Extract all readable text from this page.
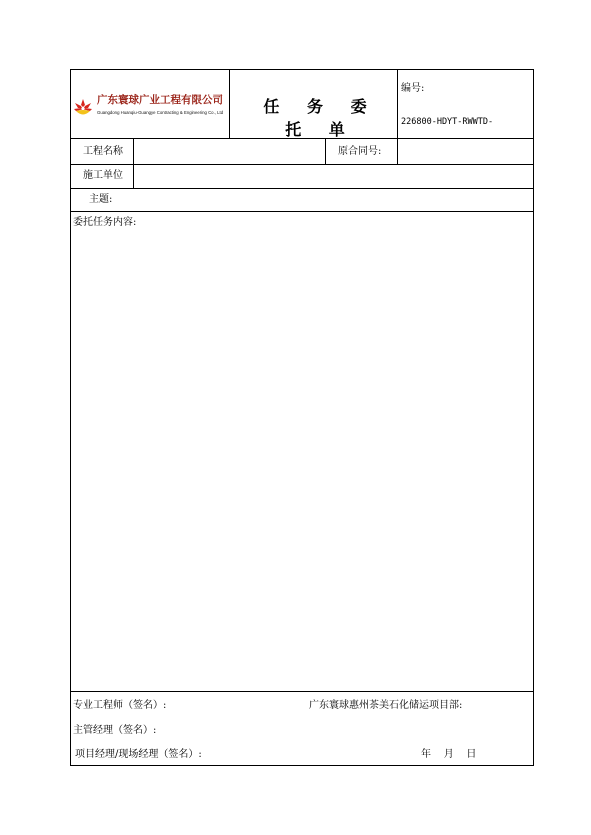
广东寰球广业工程有限公司
Guangdong Huanqiu-Guangye Contracting & Engineering Co., Ltd	任 务 委 托 单
编号:
226800-HDYT-RWWTD-
工程名称	原合同号:
施工单位
主题:
委托任务内容:
专业工程师（签名）:	广东寰球惠州茶美石化储运项目部:
主管经理（签名）:
项目经理/现场经理（签名）:	年    月    日
